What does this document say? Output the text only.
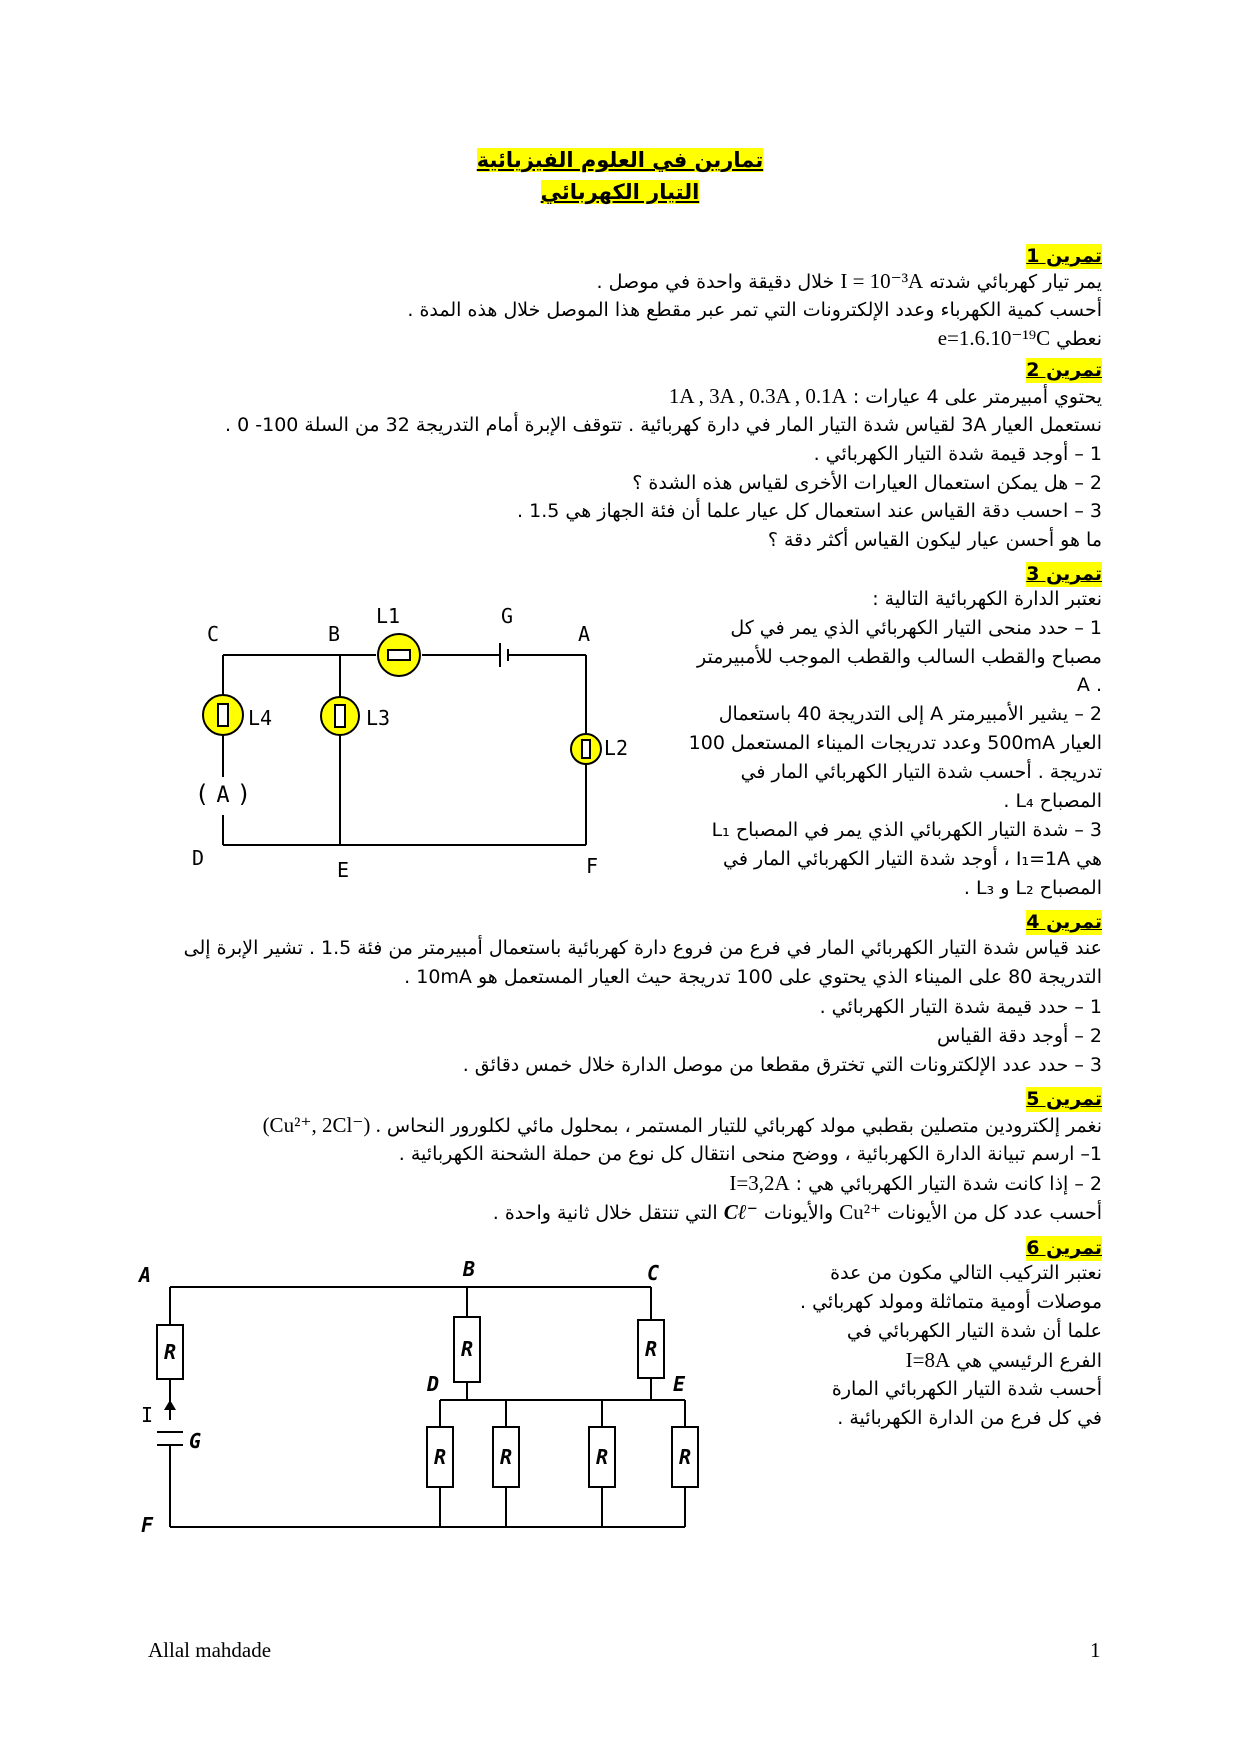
تمارين في العلوم الفيزيائية
التيار الكهربائي
تمرين 1
يمر تيار كهربائي شدته I = 10⁻³A خلال دقيقة واحدة في موصل .
أحسب كمية الكهرباء وعدد الإلكترونات التي تمر عبر مقطع هذا الموصل خلال هذه المدة .
نعطي e=1.6.10⁻¹⁹C
تمرين 2
يحتوي أمبيرمتر على 4 عيارات : 1A , 3A , 0.3A , 0.1A
نستعمل العيار 3A لقياس شدة التيار المار في دارة كهربائية . تتوقف الإبرة أمام التدريجة 32 من السلة 100- 0 .
1 – أوجد قيمة شدة التيار الكهربائي .
2 – هل يمكن استعمال العيارات الأخرى لقياس هذه الشدة ؟
3 – احسب دقة القياس عند استعمال كل عيار علما أن فئة الجهاز هي 1.5 .
ما هو أحسن عيار ليكون القياس أكثر دقة ؟
تمرين 3
نعتبر الدارة الكهربائية التالية :
1 – حدد منحى التيار الكهربائي الذي يمر في كل
مصباح والقطب السالب والقطب الموجب للأمبيرمتر
. A
2 – يشير الأمبيرمتر A إلى التدريجة 40 باستعمال
العيار 500mA وعدد تدريجات الميناء المستعمل 100
تدريجة . أحسب شدة التيار الكهربائي المار في
المصباح L₄ .
3 – شدة التيار الكهربائي الذي يمر في المصباح L₁
هي I₁=1A ، أوجد شدة التيار الكهربائي المار في
المصباح L₂ و L₃ .
A
( )
C	B	A
D	E	F
L1
L2
L3
L4
G
تمرين 4
عند قياس شدة التيار الكهربائي المار في فرع من فروع دارة كهربائية باستعمال أمبيرمتر من فئة 1.5 . تشير الإبرة إلى
التدريجة 80 على الميناء الذي يحتوي على 100 تدريجة حيث العيار المستعمل هو 10mA .
1 – حدد قيمة شدة التيار الكهربائي .
2 – أوجد دقة القياس
3 – حدد عدد الإلكترونات التي تخترق مقطعا من موصل الدارة خلال خمس دقائق .
تمرين 5
نغمر إلكترودين متصلين بقطبي مولد كهربائي للتيار المستمر ، بمحلول مائي لكلورور النحاس (Cu²⁺, 2Cl⁻) .
1– ارسم تبيانة الدارة الكهربائية ، ووضح منحى انتقال كل نوع من حملة الشحنة الكهربائية .
2 – إذا كانت شدة التيار الكهربائي هي : I=3,2A
أحسب عدد كل من الأيونات Cu²⁺ والأيونات Cℓ⁻ التي تنتقل خلال ثانية واحدة .
تمرين 6
نعتبر التركيب التالي مكون من عدة
موصلات أومية متماثلة ومولد كهربائي .
علما أن شدة التيار الكهربائي في
الفرع الرئيسي هي I=8A
أحسب شدة التيار الكهربائي المارة
في كل فرع من الدارة الكهربائية .
R	R	R
R	R	R	R
A	B	C
D	E
F
I
G
Allal mahdade	1
